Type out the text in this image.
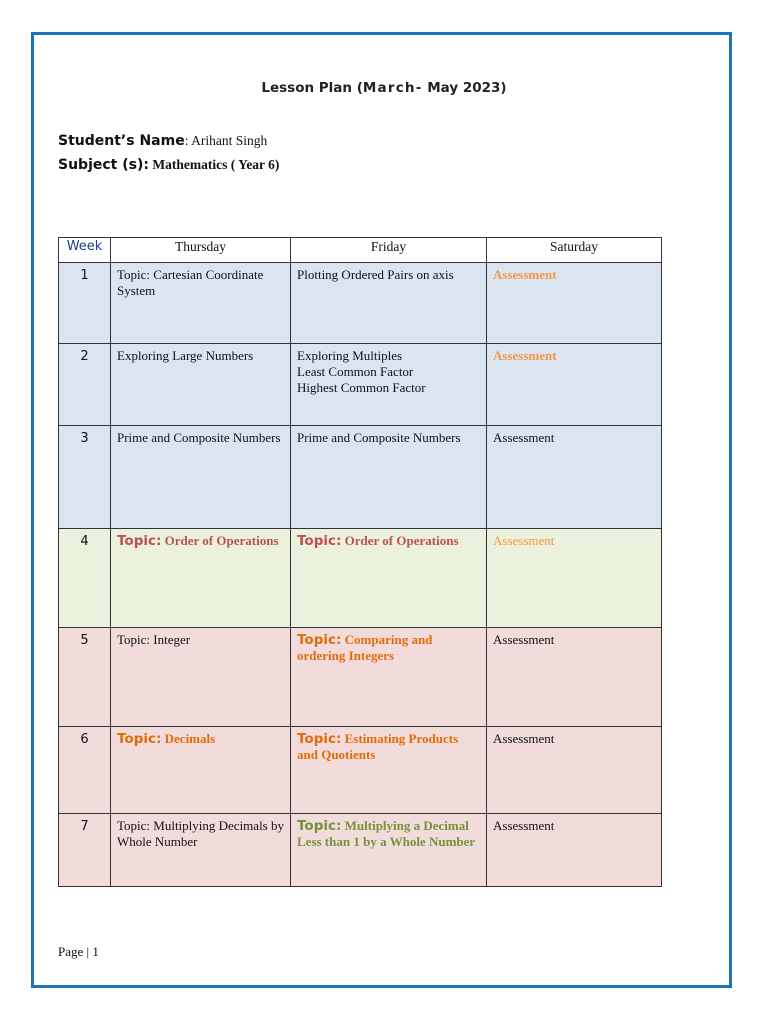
Lesson Plan (March- May 2023)
Student’s Name: Arihant Singh
Subject (s): Mathematics ( Year 6)
Week	Thursday	Friday	Saturday
1	Topic: Cartesian Coordinate System	Plotting Ordered Pairs on axis	Assessment
2	Exploring Large Numbers	Exploring Multiples
Least Common Factor
Highest Common Factor	Assessment
3	Prime and Composite Numbers	Prime and Composite Numbers	Assessment
4	Topic: Order of Operations	Topic: Order of Operations	Assessment
5	Topic: Integer	Topic: Comparing and ordering Integers	Assessment
6	Topic: Decimals	Topic: Estimating Products and Quotients	Assessment
7	Topic: Multiplying Decimals by Whole Number	Topic: Multiplying a Decimal Less than 1 by a Whole Number	Assessment
Page | 1
